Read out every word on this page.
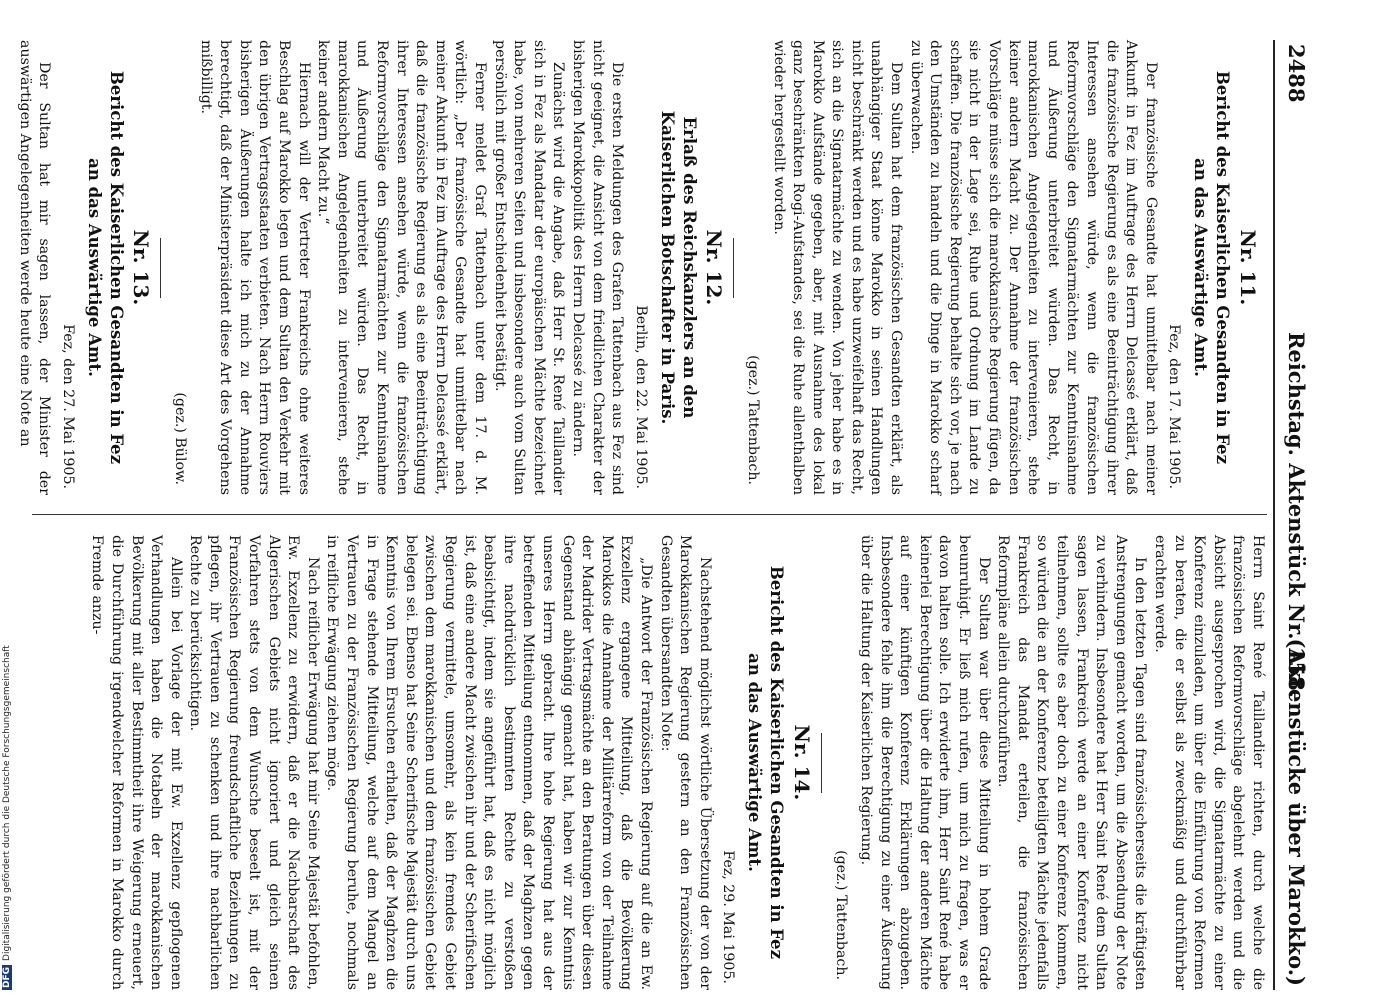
2488
Reichstag. Aktenstück Nr. 158.
(Aktenstücke über Marokko.)
Nr. 11.
Bericht des Kaiserlichen Gesandten in Fez an das Auswärtige Amt.
Fez, den 17. Mai 1905.

Der französische Gesandte hat unmittelbar nach meiner Ankunft in Fez im Auftrage des Herrn Delcassé erklärt, daß die französische Regierung es als eine Beeinträchtigung ihrer Interessen ansehen würde, wenn die französischen Reformvorschläge den Signatarmächten zur Kenntnisnahme und Äußerung unterbreitet würden. Das Recht, in marokkanischen Angelegenheiten zu intervenieren, stehe keiner andern Macht zu. Der Annahme der französischen Vorschläge müsse sich die marokkanische Regierung fügen, da sie nicht in der Lage sei, Ruhe und Ordnung im Lande zu schaffen. Die französische Regierung behalte sich vor, je nach den Umständen zu handeln und die Dinge in Marokko scharf zu überwachen.

Dem Sultan hat dem französischen Gesandten erklärt, als unabhängiger Staat könne Marokko in seinen Handlungen nicht beschränkt werden und es habe unzweifelhaft das Recht, sich an die Signatarmächte zu wenden. Von jeher habe es in Marokko Aufstände gegeben, aber, mit Ausnahme des lokal ganz beschränkten Rogi-Aufstandes, sei die Ruhe allenthalben wieder hergestellt worden.

(gez.) Tattenbach.
Nr. 12.
Erlaß des Reichskanzlers an den Kaiserlichen Botschafter in Paris.
Berlin, den 22. Mai 1905.

Die ersten Meldungen des Grafen Tattenbach aus Fez sind nicht geeignet, die Ansicht von dem friedlichen Charakter der bisherigen Marokkopolitik des Herrn Delcassé zu ändern.

Zunächst wird die Angabe, daß Herr St. René Taillandier sich in Fez als Mandatar der europäischen Mächte bezeichnet habe, von mehreren Seiten und insbesondere auch vom Sultan persönlich mit großer Entschiedenheit bestätigt.

Ferner meldet Graf Tattenbach unter dem 17. d. M. wörtlich: „Der französische Gesandte hat unmittelbar nach meiner Ankunft in Fez im Auftrage des Herrn Delcassé erklärt, daß die französische Regierung es als eine Beeinträchtigung ihrer Interessen ansehen würde, wenn die französischen Reformvorschläge den Signatarmächten zur Kenntnisnahme und Äußerung unterbreitet würden. Das Recht, in marokkanischen Angelegenheiten zu intervenieren, stehe keiner andern Macht zu.“

Hiernach will der Vertreter Frankreichs ohne weiteres Beschlag auf Marokko legen und dem Sultan den Verkehr mit den übrigen Vertragsstaaten verbieten. Nach Herrn Rouviers bisherigen Äußerungen halte ich mich zu der Annahme berechtigt, daß der Ministerpräsident diese Art des Vorgehens mißbilligt.

(gez.) Bülow.
Nr. 13.
Bericht des Kaiserlichen Gesandten in Fez an das Auswärtige Amt.
Fez, den 27. Mai 1905.

Der Sultan hat mir sagen lassen, der Minister der auswärtigen Angelegenheiten werde heute eine Note an

Herrn Saint René Taillandier richten, durch welche die französischen Reformvorschläge abgelehnt werden und die Absicht ausgesprochen wird, die Signatarmächte zu einer Konferenz einzuladen, um über die Einführung von Reformen zu beraten, die er selbst als zweckmäßig und durchführbar erachten werde.

In den letzten Tagen sind französischerseits die kräftigsten Anstrengungen gemacht worden, um die Absendung der Note zu verhindern. Insbesondere hat Herr Saint René dem Sultan sagen lassen, Frankreich werde an einer Konferenz nicht teilnehmen, sollte es aber doch zu einer Konferenz kommen, so würden die an der Konferenz beteiligten Mächte jedenfalls Frankreich das Mandat erteilen, die französischen Reformpläne allein durchzuführen.

Der Sultan war über diese Mitteilung in hohem Grade beunruhigt. Er ließ mich rufen, um mich zu fragen, was er davon halten solle. Ich erwiderte ihm, Herr Saint René habe keinerlei Berechtigung über die Haltung der anderen Mächte auf einer künftigen Konferenz Erklärungen abzugeben. Insbesondere fehle ihm die Berechtigung zu einer Äußerung über die Haltung der Kaiserlichen Regierung.

(gez.) Tattenbach.
Nr. 14.
Bericht des Kaiserlichen Gesandten in Fez an das Auswärtige Amt.
Fez, 29. Mai 1905.

Nachstehend möglichst wörtliche Übersetzung der von der Marokkanischen Regierung gestern an den Französischen Gesandten übersandten Note:

„Die Antwort der Französischen Regierung auf die an Ew. Exzellenz ergangene Mitteilung, daß die Bevölkerung Marokkos die Annahme der Militärreform von der Teilnahme der Madrider Vertragsmächte an den Beratungen über diesen Gegenstand abhängig gemacht hat, haben wir zur Kenntnis unseres Herrn gebracht. Ihre hohe Regierung hat aus der betreffenden Mitteilung entnommen, daß der Maghzen gegen ihre nachdrücklich bestimmten Rechte zu verstoßen beabsichtigt, indem sie angeführt hat, daß es nicht möglich ist, daß eine andere Macht zwischen ihr und der Scherifischen Regierung vermittele, umsomehr, als kein fremdes Gebiet zwischen dem marokkanischen und dem französischen Gebiet belegen sei. Ebenso hat Seine Scherifische Majestät durch uns Kenntnis von Ihrem Ersuchen erhalten, daß der Maghzen die in Frage stehende Mitteilung, welche auf dem Mangel an Vertrauen zu der Französischen Regierung beruhe, nochmals in reifliche Erwägung ziehen möge.

Nach reiflicher Erwägung hat mir Seine Majestät befohlen, Ew. Exzellenz zu erwidern, daß er die Nachbarschaft des Algerischen Gebiets nicht ignoriert und gleich seinen Vorfahren stets von dem Wunsche beseelt ist, mit der Französischen Regierung freundschaftliche Beziehungen zu pflegen, ihr Vertrauen zu schenken und ihre nachbarlichen Rechte zu berücksichtigen.

Allein bei Vorlage der mit Ew. Exzellenz gepflogenen Verhandlungen haben die Notabeln der marokkanischen Bevölkerung mit aller Bestimmtheit ihre Weigerung erneuert, die Durchführung irgendwelcher Reformen in Marokko durch Fremde anzu-

DFGDigitalisierung gefördert durch die Deutsche Forschungsgemeinschaft
